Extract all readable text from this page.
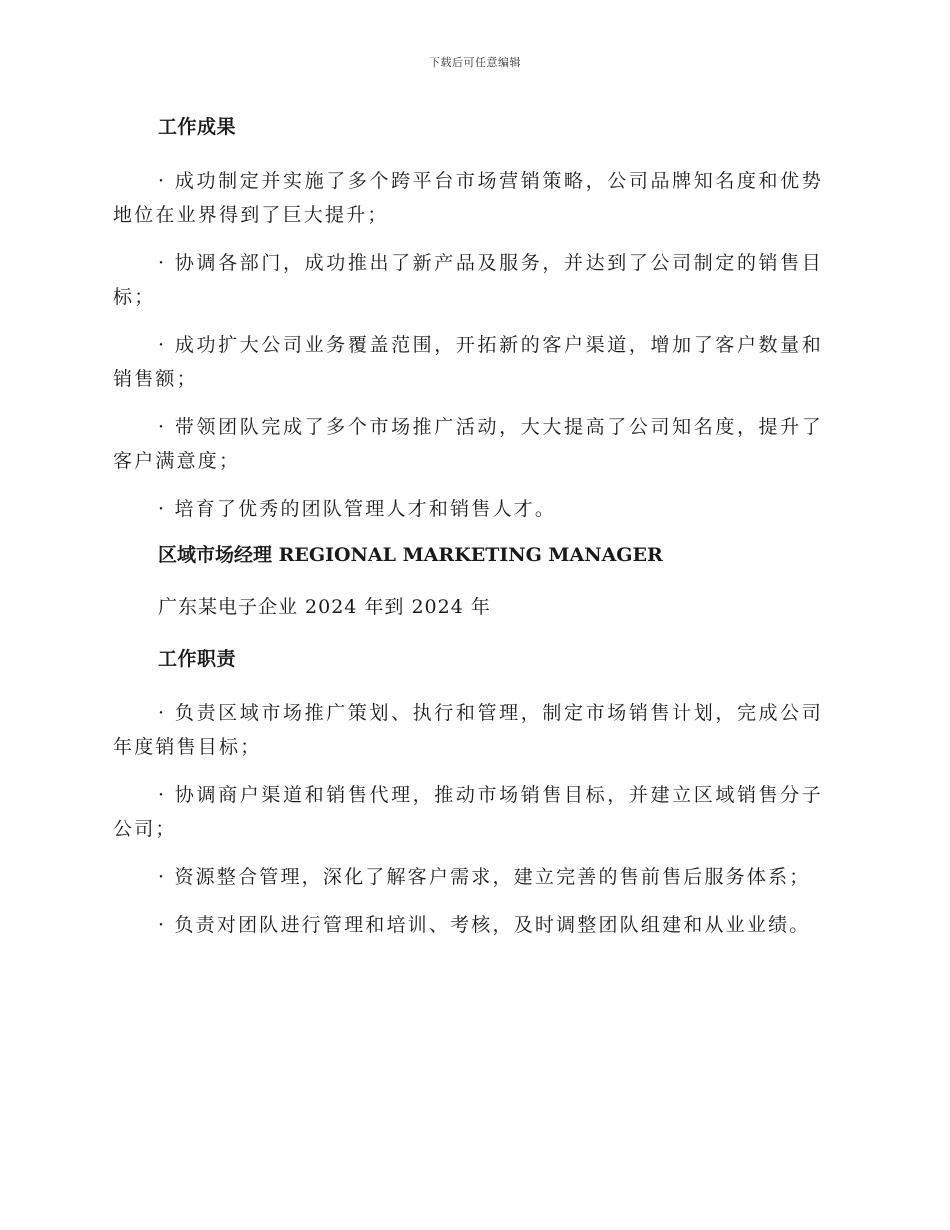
下载后可任意编辑
工作成果

· 成功制定并实施了多个跨平台市场营销策略，公司品牌知名度和优势地位在业界得到了巨大提升；

· 协调各部门，成功推出了新产品及服务，并达到了公司制定的销售目标；

· 成功扩大公司业务覆盖范围，开拓新的客户渠道，增加了客户数量和销售额；

· 带领团队完成了多个市场推广活动，大大提高了公司知名度，提升了客户满意度；

· 培育了优秀的团队管理人才和销售人才。

区域市场经理 REGIONAL MARKETING MANAGER
广东某电子企业 2024 年到 2024 年
工作职责

· 负责区域市场推广策划、执行和管理，制定市场销售计划，完成公司年度销售目标；

· 协调商户渠道和销售代理，推动市场销售目标，并建立区域销售分子公司；

· 资源整合管理，深化了解客户需求，建立完善的售前售后服务体系；

· 负责对团队进行管理和培训、考核，及时调整团队组建和从业业绩。
